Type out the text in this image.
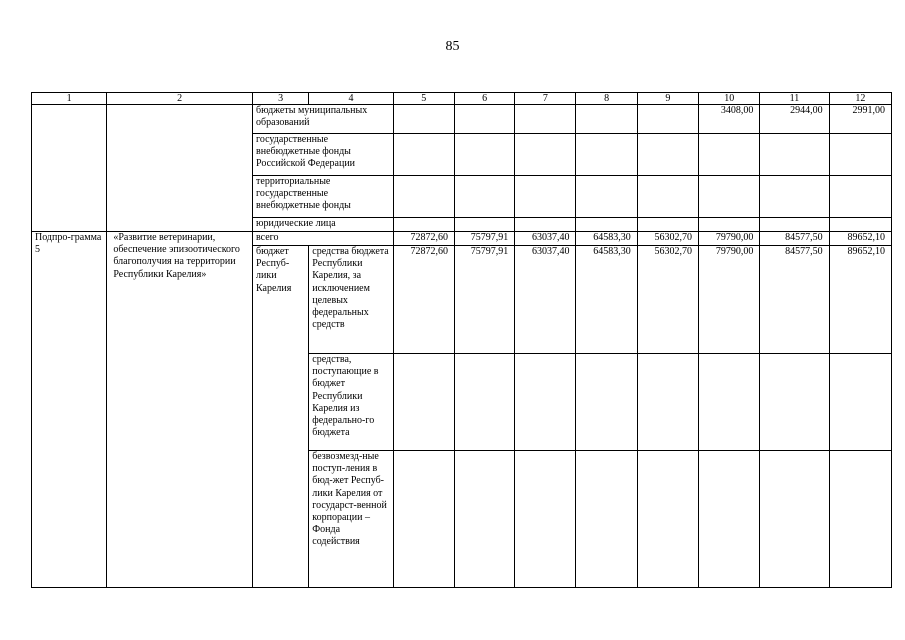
85
1	2	3	4	5	6	7	8	9	10	11	12
		бюджеты муниципальных образований							3408,00	2944,00	2991,00
		государственные внебюджетные фонды Российской Федерации									
		территориальные государственные внебюджетные фонды									
		юридические лица									
Подпро-грамма 5	«Развитие ветеринарии, обеспечение эпизоотического благополучия на территории Республики Карелия»	всего		72872,60	75797,91	63037,40	64583,30	56302,70	79790,00	84577,50	89652,10
		бюджет Респуб-лики Карелия	средства бюджета Республики Карелия, за исключением целевых федеральных средств	72872,60	75797,91	63037,40	64583,30	56302,70	79790,00	84577,50	89652,10
			средства, поступающие в бюджет Республики Карелия из федерально-го бюджета								
			безвозмезд-ные поступ-ления в бюд-жет Респуб-лики Карелия от государст-венной корпорации – Фонда содействия								
